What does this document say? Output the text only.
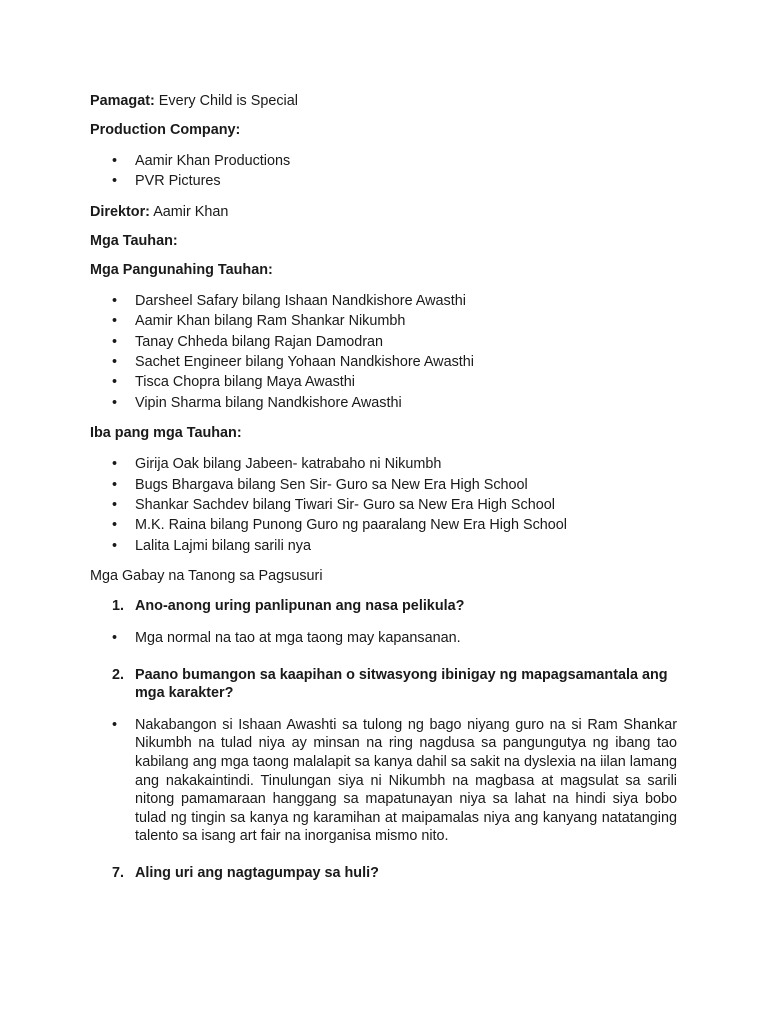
Pamagat: Every Child is Special

Production Company:

• Aamir Khan Productions
• PVR Pictures

Direktor: Aamir Khan

Mga Tauhan:

Mga Pangunahing Tauhan:

• Darsheel Safary bilang Ishaan Nandkishore Awasthi
• Aamir Khan bilang Ram Shankar Nikumbh
• Tanay Chheda bilang Rajan Damodran
• Sachet Engineer bilang Yohaan Nandkishore Awasthi
• Tisca Chopra bilang Maya Awasthi
• Vipin Sharma bilang Nandkishore Awasthi

Iba pang mga Tauhan:

• Girija Oak bilang Jabeen- katrabaho ni Nikumbh
• Bugs Bhargava bilang Sen Sir- Guro sa New Era High School
• Shankar Sachdev bilang Tiwari Sir- Guro sa New Era High School
• M.K. Raina bilang Punong Guro ng paaralang New Era High School
• Lalita Lajmi bilang sarili nya

Mga Gabay na Tanong sa Pagsusuri

1. Ano-anong uring panlipunan ang nasa pelikula?
• Mga normal na tao at mga taong may kapansanan.
2. Paano bumangon sa kaapihan o sitwasyong ibinigay ng mapagsamantala ang mga karakter?
• Nakabangon si Ishaan Awashti sa tulong ng bago niyang guro na si Ram Shankar Nikumbh na tulad niya ay minsan na ring nagdusa sa pangungutya ng ibang tao kabilang ang mga taong malalapit sa kanya dahil sa sakit na dyslexia na iilan lamang ang nakakaintindi. Tinulungan siya ni Nikumbh na magbasa at magsulat sa sarili nitong pamamaraan hanggang sa mapatunayan niya sa lahat na hindi siya bobo tulad ng tingin sa kanya ng karamihan at maipamalas niya ang kanyang natatanging talento sa isang art fair na inorganisa mismo nito.
7. Aling uri ang nagtagumpay sa huli?
